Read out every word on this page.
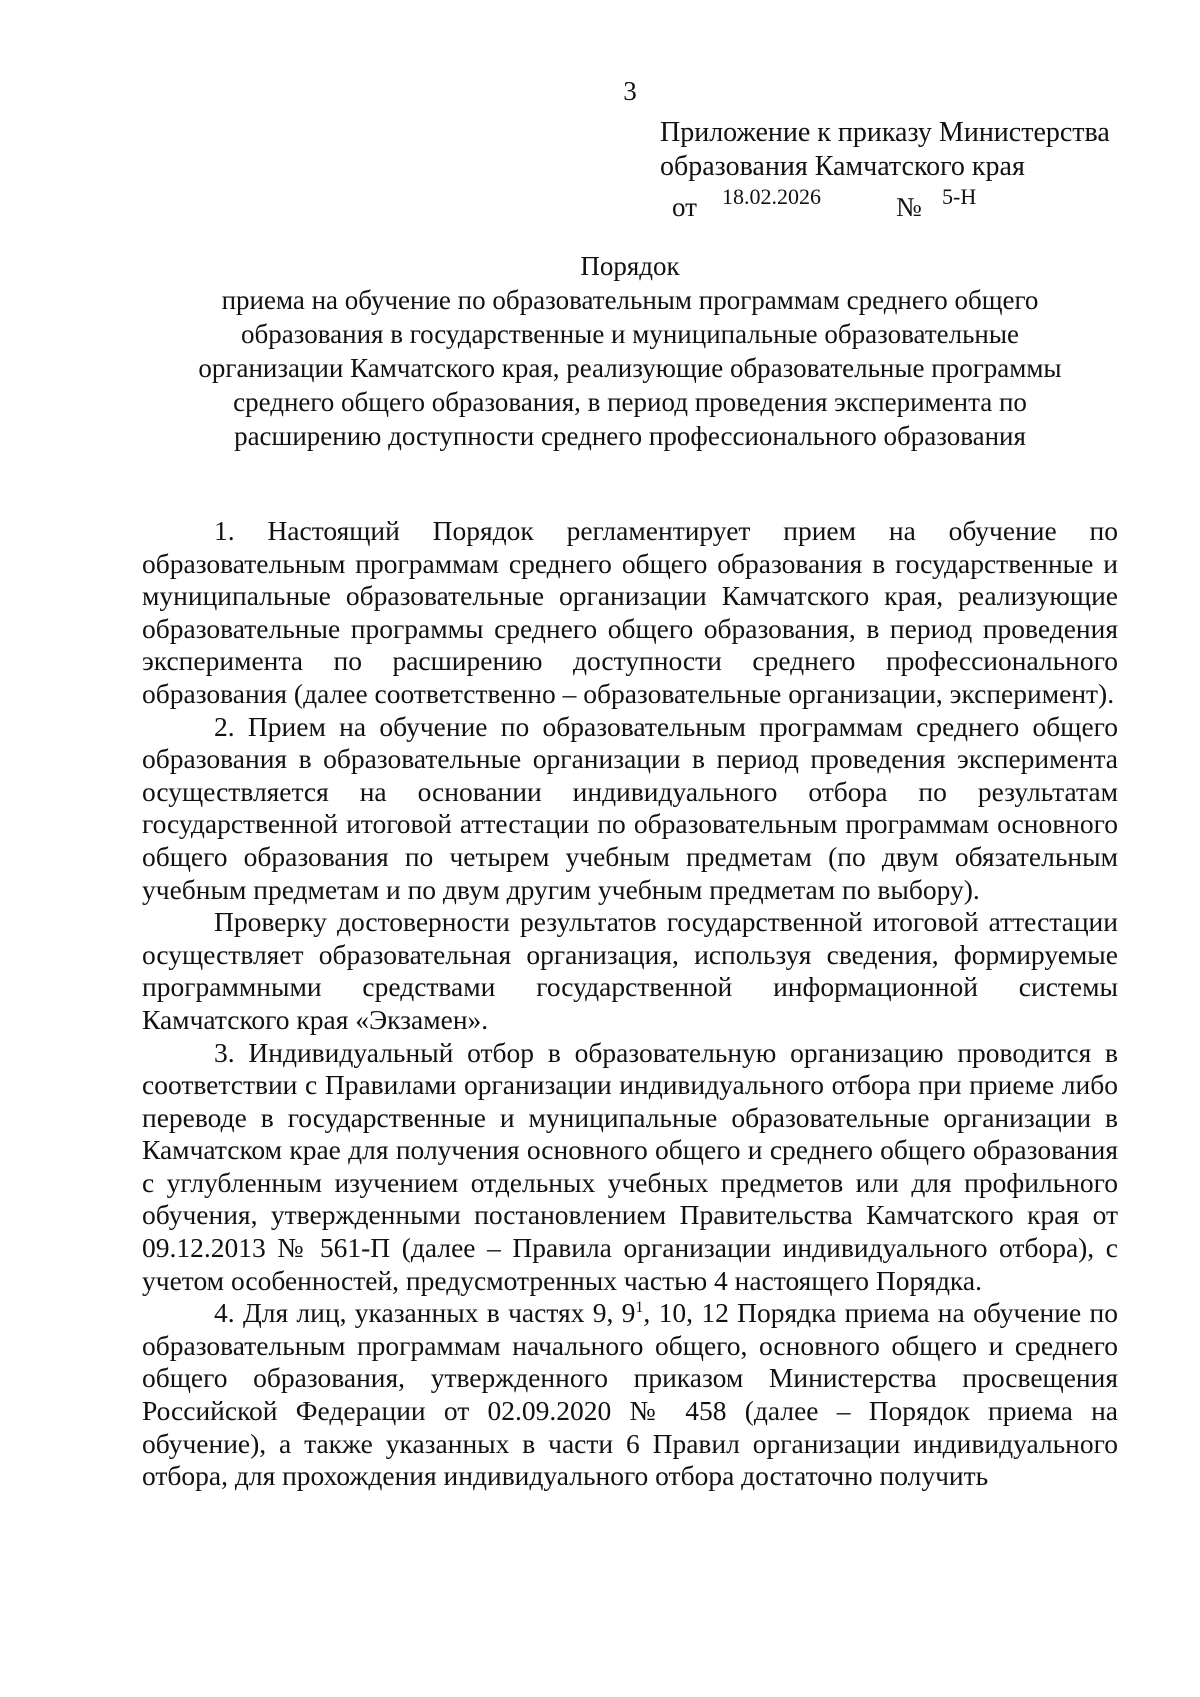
3
Приложение к приказу Министерства
образования Камчатского края
от 18.02.2026	№ 5-Н
Порядок
приема на обучение по образовательным программам среднего общего
образования в государственные и муниципальные образовательные
организации Камчатского края, реализующие образовательные программы
среднего общего образования, в период проведения эксперимента по
расширению доступности среднего профессионального образования

1. Настоящий Порядок регламентирует прием на обучение по образовательным программам среднего общего образования в государственные и муниципальные образовательные организации Камчатского края, реализующие образовательные программы среднего общего образования, в период проведения эксперимента по расширению доступности среднего профессионального образования (далее соответственно – образовательные организации, эксперимент).

2. Прием на обучение по образовательным программам среднего общего образования в образовательные организации в период проведения эксперимента осуществляется на основании индивидуального отбора по результатам государственной итоговой аттестации по образовательным программам основного общего образования по четырем учебным предметам (по двум обязательным учебным предметам и по двум другим учебным предметам по выбору).

Проверку достоверности результатов государственной итоговой аттестации осуществляет образовательная организация, используя сведения, формируемые программными средствами государственной информационной системы Камчатского края «Экзамен».

3. Индивидуальный отбор в образовательную организацию проводится в соответствии с Правилами организации индивидуального отбора при приеме либо переводе в государственные и муниципальные образовательные организации в Камчатском крае для получения основного общего и среднего общего образования с углубленным изучением отдельных учебных предметов или для профильного обучения, утвержденными постановлением Правительства Камчатского края от 09.12.2013 № 561-П (далее – Правила организации индивидуального отбора), с учетом особенностей, предусмотренных частью 4 настоящего Порядка.

4. Для лиц, указанных в частях 9, $9^1$, 10, 12 Порядка приема на обучение по образовательным программам начального общего, основного общего и среднего общего образования, утвержденного приказом Министерства просвещения Российской Федерации от 02.09.2020 № 458 (далее – Порядок приема на обучение), а также указанных в части 6 Правил организации индивидуального отбора, для прохождения индивидуального отбора достаточно получить
